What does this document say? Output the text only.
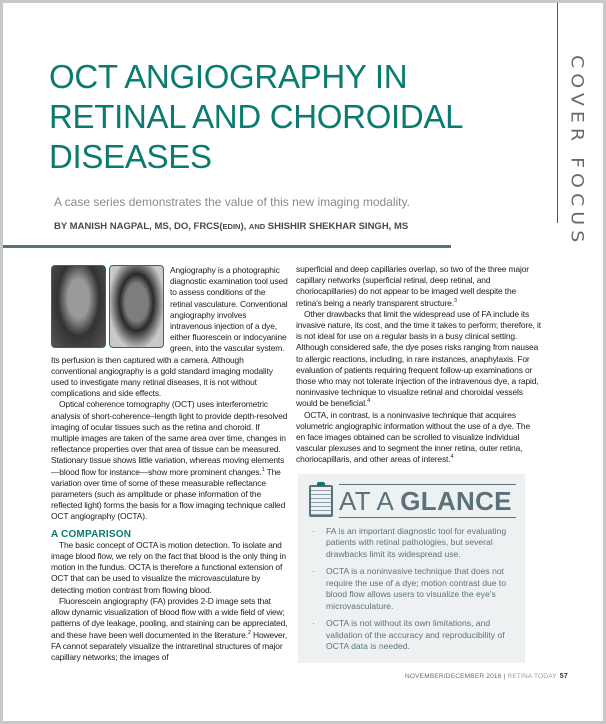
COVER FOCUS
OCT ANGIOGRAPHY IN RETINAL AND CHOROIDAL DISEASES
A case series demonstrates the value of this new imaging modality.
BY MANISH NAGPAL, MS, DO, FRCS(EDIN), AND SHISHIR SHEKHAR SINGH, MS

Angiography is a photographic diagnostic examination tool used to assess conditions of the retinal vasculature. Conventional angiography involves intravenous injection of a dye, either fluorescein or indocyanine green, into the vascular system. Its perfusion is then captured with a camera. Although conventional angiography is a gold standard imaging modality used to investigate many retinal diseases, it is not without complications and side effects.

Optical coherence tomography (OCT) uses interferometric analysis of short-coherence–length light to provide depth-resolved imaging of ocular tissues such as the retina and choroid. If multiple images are taken of the same area over time, changes in reflectance properties over that area of tissue can be measured. Stationary tissue shows little variation, whereas moving elements—blood flow for instance—show more prominent changes.$^1$ The variation over time of some of these measurable reflectance parameters (such as amplitude or phase information of the reflected light) forms the basis for a flow imaging technique called OCT angiography (OCTA).

A COMPARISON

The basic concept of OCTA is motion detection. To isolate and image blood flow, we rely on the fact that blood is the only thing in motion in the fundus. OCTA is therefore a functional extension of OCT that can be used to visualize the microvasculature by detecting motion contrast from flowing blood.

Fluorescein angiography (FA) provides 2-D image sets that allow dynamic visualization of blood flow with a wide field of view; patterns of dye leakage, pooling, and staining can be appreciated, and these have been well documented in the literature.$^2$ However, FA cannot separately visualize the intraretinal structures of major capillary networks; the images of

superficial and deep capillaries overlap, so two of the three major capillary networks (superficial retinal, deep retinal, and choriocapillaries) do not appear to be imaged well despite the retina's being a nearly transparent structure.$^3$

Other drawbacks that limit the widespread use of FA include its invasive nature, its cost, and the time it takes to perform; therefore, it is not ideal for use on a regular basis in a busy clinical setting. Although considered safe, the dye poses risks ranging from nausea to allergic reactions, including, in rare instances, anaphylaxis. For evaluation of patients requiring frequent follow-up examinations or those who may not tolerate injection of the intravenous dye, a rapid, noninvasive technique to visualize retinal and choroidal vessels would be beneficial.$^4$

OCTA, in contrast, is a noninvasive technique that acquires volumetric angiographic information without the use of a dye. The en face images obtained can be scrolled to visualize individual vascular plexuses and to segment the inner retina, outer retina, choriocapillaris, and other areas of interest.$^4$

AT A GLANCE
· FA is an important diagnostic tool for evaluating patients with retinal pathologies, but several drawbacks limit its widespread use.
· OCTA is a noninvasive technique that does not require the use of a dye; motion contrast due to blood flow allows users to visualize the eye's microvasculature.
· OCTA is not without its own limitations, and validation of the accuracy and reproducibility of OCTA data is needed.
NOVEMBER/DECEMBER 2016 | RETINA TODAY 57
